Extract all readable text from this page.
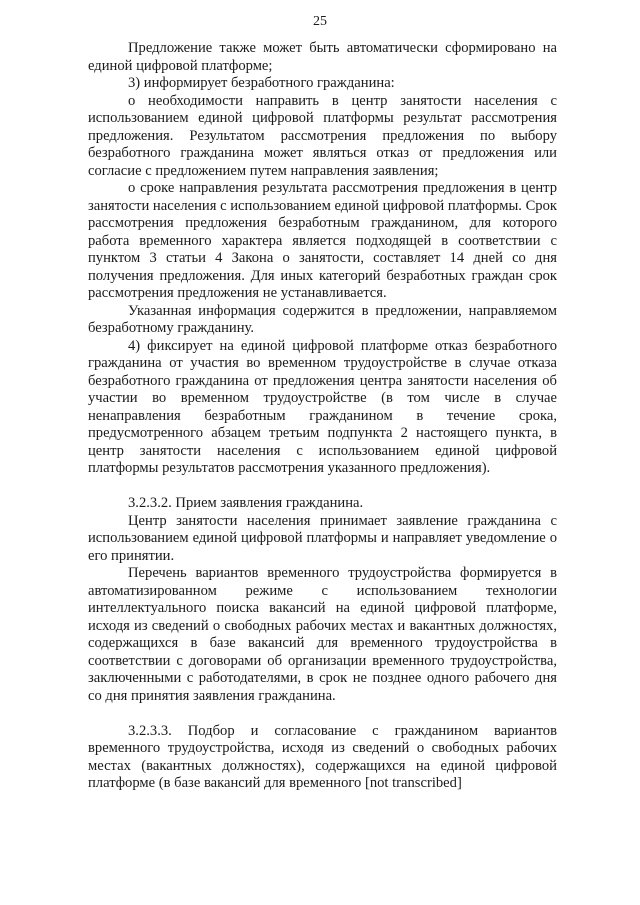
25

Предложение также может быть автоматически сформировано на единой цифровой платформе;

3) информирует безработного гражданина:

о необходимости направить в центр занятости населения с использованием единой цифровой платформы результат рассмотрения предложения. Результатом рассмотрения предложения по выбору безработного гражданина может являться отказ от предложения или согласие с предложением путем направления заявления;

о сроке направления результата рассмотрения предложения в центр занятости населения с использованием единой цифровой платформы. Срок рассмотрения предложения безработным гражданином, для которого работа временного характера является подходящей в соответствии с пунктом 3 статьи 4 Закона о занятости, составляет 14 дней со дня получения предложения. Для иных категорий безработных граждан срок рассмотрения предложения не устанавливается.

Указанная информация содержится в предложении, направляемом безработному гражданину.

4) фиксирует на единой цифровой платформе отказ безработного гражданина от участия во временном трудоустройстве в случае отказа безработного гражданина от предложения центра занятости населения об участии во временном трудоустройстве (в том числе в случае ненаправления безработным гражданином в течение срока, предусмотренного абзацем третьим подпункта 2 настоящего пункта, в центр занятости населения с использованием единой цифровой платформы результатов рассмотрения указанного предложения).

3.2.3.2. Прием заявления гражданина.

Центр занятости населения принимает заявление гражданина с использованием единой цифровой платформы и направляет уведомление о его принятии.

Перечень вариантов временного трудоустройства формируется в автоматизированном режиме с использованием технологии интеллектуального поиска вакансий на единой цифровой платформе, исходя из сведений о свободных рабочих местах и вакантных должностях, содержащихся в базе вакансий для временного трудоустройства в соответствии с договорами об организации временного трудоустройства, заключенными с работодателями, в срок не позднее одного рабочего дня со дня принятия заявления гражданина.

3.2.3.3. Подбор и согласование с гражданином вариантов временного трудоустройства, исходя из сведений о свободных рабочих местах (вакантных должностях), содержащихся на единой цифровой платформе (в базе вакансий для временного [not transcribed]
